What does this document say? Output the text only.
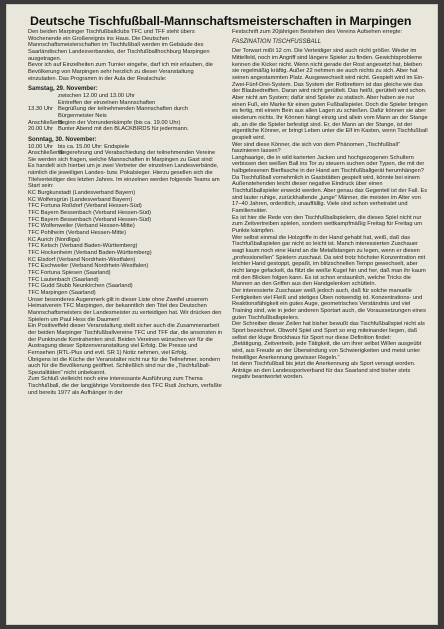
Deutsche Tischfußball-Mannschaftsmeisterschaften in Marpingen

Den beiden Marpinger Tischfußballclubs TFC und TFF steht übers Wochenende ein Großereignis ins Haus. Die Deutschen Mannschaftsmeisterschaften im Tischfußball werden im Gebäude des Saarländischen Landesverbandes, der Tischfußballhochburg Marpingen ausgetragen.

Bevor ich auf Einzelheiten zum Turnier eingehe, darf ich mir erlauben, die Bevölkerung von Marpingen sehr herzlich zu dieser Veranstaltung einzuladen. Das Programm in der Aula der Realschule:

Samstag, 29. November:
zwischen 12.00 und 13.00 Uhr
Eintreffen der einzelnen Mannschaften
13.30 Uhr Begrüßung der teilnehmenden Mannschaften durch Bürgermeister Neis
Anschließend:
Beginn der Vorrundenkämpfe (bis ca. 19.00 Uhr)
20.00 Uhr Bunter Abend mit den BLACKBIRDS für jedermann.
Sonntag, 30. November:
10.00 Uhr bis ca. 15.00 Uhr: Endspiele
Anschließend:
Siegerehrung und Verabschiedung der teilnehmenden Vereine

Sie werden sich fragen, welche Mannschaften in Marpingen zu Gast sind:

Es handelt sich hierbei um je zwei Vertreter der einzelnen Landesverbände, nämlich die jeweiligen Landes- bzw. Pokalsieger. Hierzu gesellen sich die Titelverteidiger des letzten Jahres. Im einzelnen werden folgende Teams am Start sein:

KC Burgkunstadt (Landesverband Bayern)
KC Wolfersgrün (Landesverband Bayern)
TFC Fortuna Roßdorf (Verband Hessen-Süd)
TFC Bayern Bessenbach (Verband Hessen-Süd)
TFC Bayern Bessenbach (Verband Hessen-Süd)
TFC Wolfenweiler (Verband Hessen-Mitte)
TFC Pohlheim (Verband Hessen-Mitte)
KC Aurich (Nordliga)
TFC Ketsch (Verband Baden-Württemberg)
TFC Hockenheim (Verband Baden-Württemberg)
KC Elsdorf (Verband Nordrhein-Westfalen)
TFC Eschweiler (Verband Nordrhein-Westfalen)
TFC Fortuna Spiesen (Saarland)
TFC Lautenbach (Saarland)
TFC Gudd Stubb Neunkirchen (Saarland)
TFC Marpingen (Saarland)

Unser besonderes Augenmerk gilt in dieser Liste ohne Zweifel unserem Heimatverein TFC Marpingen, der bekanntlich den Titel des Deutschen Mannschaftsmeisters der Landesmeister zu verteidigen hat. Wir drücken den Spielern um Paul Hess die Daumen!

Ein Positiveffekt dieser Veranstaltung stellt sicher auch die Zusammenarbeit der beiden Marpinger Tischfußballvereine TFC und TFF dar, die ansonsten in der Punktrunde Kontrahenten sind. Beiden Vereinen wünschen wir für die Austragung dieser Spitzenveranstaltung viel Erfolg. Die Presse und Fernsehen (RTL-Plus und evtl. SR 1) Notiz nehmen, viel Erfolg.

Übrigens ist die Küche der Veranstalter nicht nur für die Teilnehmer, sondern auch für die Bevölkerung geöffnet. Schließlich sind nur die „Tischfußball-Spezialitäten“ nicht unbekannt.

Zum Schluß vielleicht noch eine interessante Ausführung zum Thema Tischfußball, die der langjährige Vorsitzende des TFC Rudi Jochum, verfaßte und bereits 1977 als Aufhänger in der

Festschrift zum 20jährigen Bestehen des Vereins Aufsehen erregte:

FASZINATION TISCHFUSSBALL

Der Torwart mißt 12 cm. Die Verteidiger sind auch nicht größer. Weder im Mittelfeld, noch im Angriff sind längere Spieler zu finden. Gewichtsprobleme kennen die Kicker nicht. Wenn nicht gerade der Rost angesetzt hat, bleiben sie regelmäßig kräftig. Außer 22 nehmen sie auch nichts zu sich. Aber hat seinen angestammten Platz. Ausgewechselt wird nicht. Gespielt wird im Ein-Zwei-Fünf-Drei-System. Das System der Rotbrettern ist das gleiche wie das der Blaubedreiften. Daran wird nicht gerüttelt. Das heißt, gerüttelt wird schon. Aber nicht am System; dafür sind Spieler zu statisch. Aber haben sie nur einen Fuß, ein Marke für einen guten Fußballspieler. Doch die Spieler bringen es fertig, mit einem Bein aus allen Lagen zu schießen. Dafür können sie aber wiederum nichts. Ihr Können hängt einzig und allein vom Mann an der Stange ab, an die die Spieler befestigt sind. Er, der Mann an der Stange, ist der eigentliche Könner, er bringt Leben unter die Elf im Kasten, wenn Tischfußball gespielt wird.

Wer sind diese Könner, die sich von dem Phänomen „Tischfußball“ faszinieren lassen?

Langhaarige, die in wild karierten Jacken und hochgezogenen Schultern verbissen den weißen Ball ins Tor zu steuern suchen oder Typen, die mit der halbgelesenen Bierflasche in der Hand am Tischfußballgerät herumhängen?

Da Tischfußball vornehmlich in Gaststätten gespielt wird, könnte bei einem Außenstehenden leicht dieser negative Eindruck über einen Tischfußballspieler erweckt werden. Aber genau das Gegenteil ist der Fall. Es sind lauter ruhige, zurückhaltende „junge“ Männer, die meisten im Alter von 17–40 Jahren, ordentlich, unauffällig. Viele sind schon verheiratet und Familienväter.

Es ist hier die Rede von den Tischfußballspielern, die dieses Spiel nicht nur zum Zeitvertreiben spielen, sondern wettkampfmäßig Freitag für Freitag um Punkte kämpfen.

Wer selbst einmal die Holzgriffe in der Hand gehabt hat, weiß, daß das Tischfußballspielen gar nicht so leicht ist. Manch interessierten Zuschauer wagt kaum noch eine Hand an die Metallstangen zu legen, wenn er diesen „professionellen“ Spielern zuschaut. Da wird trotz höchster Konzentration mit leichter Hand gestoppt, gepaßt, im blitzschnellen Tempo gewechselt, aber nicht lange gefackelt, da flitzt die weiße Kugel hin und her, daß man ihr kaum mit den Blicken folgen kann. Es ist schon erstaunlich, welche Tricks die Mannen an den Griffen aus den Handgelenken schütteln.

Der interessierte Zuschauer weiß jedoch auch, daß für solche manuelle Fertigkeiten viel Fleiß und stetiges Üben notwendig ist. Konzentrations- und Reaktionsfähigkeit ein gutes Auge, geometrisches Verständnis und viel Training sind, wie in jeder anderen Sportart auch, die Voraussetzungen eines guten Tischfußballspielers.

Der Schreiber dieser Zeilen hat bisher bewußt das Tischfußballspiel nicht als Sport bezeichnet. Obwohl Spiel und Sport so eng miteinander liegen, daß selbst der kluge Brockhaus für Sport nur diese Definition findet:

„Betätigung, Zeitvertreib, jede Tätigkeit, die um ihrer selbst Willen ausgeübt wird, aus Freude an der Überwindung von Schwierigkeiten und meist unter freiwilliger Anerkennung gewisser Regeln.“

Ist denn Tischfußball bis jetzt die Anerkennung als Sport versagt worden.

Anträge an den Landessportverband für das Saarland sind bisher stets negativ beantwortet worden.
